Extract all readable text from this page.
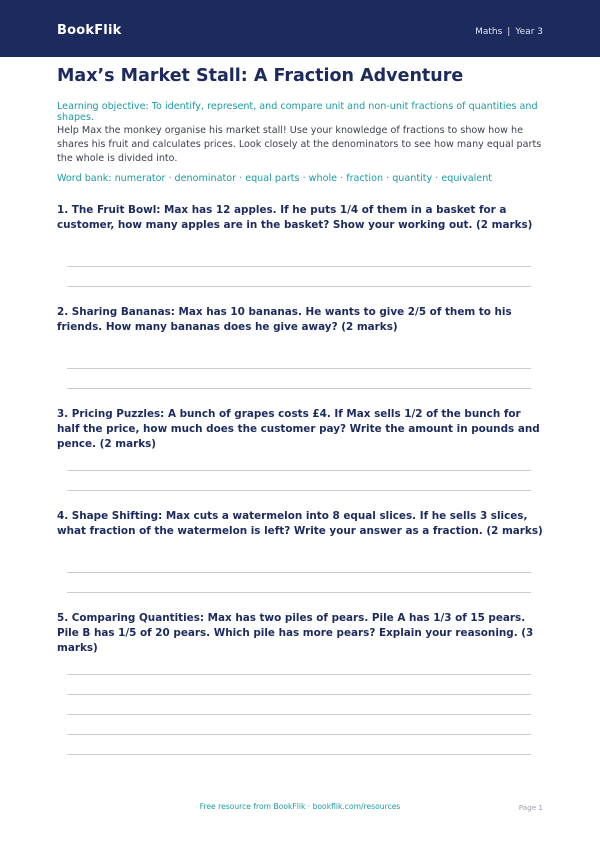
BookFlik	Maths | Year 3
Max’s Market Stall: A Fraction Adventure
Learning objective: To identify, represent, and compare unit and non-unit fractions of quantities and shapes.
Help Max the monkey organise his market stall! Use your knowledge of fractions to show how he shares his fruit and calculates prices. Look closely at the denominators to see how many equal parts the whole is divided into.
Word bank: numerator · denominator · equal parts · whole · fraction · quantity · equivalent
1. The Fruit Bowl: Max has 12 apples. If he puts 1/4 of them in a basket for a customer, how many apples are in the basket? Show your working out. (2 marks)
2. Sharing Bananas: Max has 10 bananas. He wants to give 2/5 of them to his friends. How many bananas does he give away? (2 marks)
3. Pricing Puzzles: A bunch of grapes costs £4. If Max sells 1/2 of the bunch for half the price, how much does the customer pay? Write the amount in pounds and pence. (2 marks)
4. Shape Shifting: Max cuts a watermelon into 8 equal slices. If he sells 3 slices, what fraction of the watermelon is left? Write your answer as a fraction. (2 marks)
5. Comparing Quantities: Max has two piles of pears. Pile A has 1/3 of 15 pears. Pile B has 1/5 of 20 pears. Which pile has more pears? Explain your reasoning. (3 marks)
Free resource from BookFlik · bookflik.com/resources	Page 1
